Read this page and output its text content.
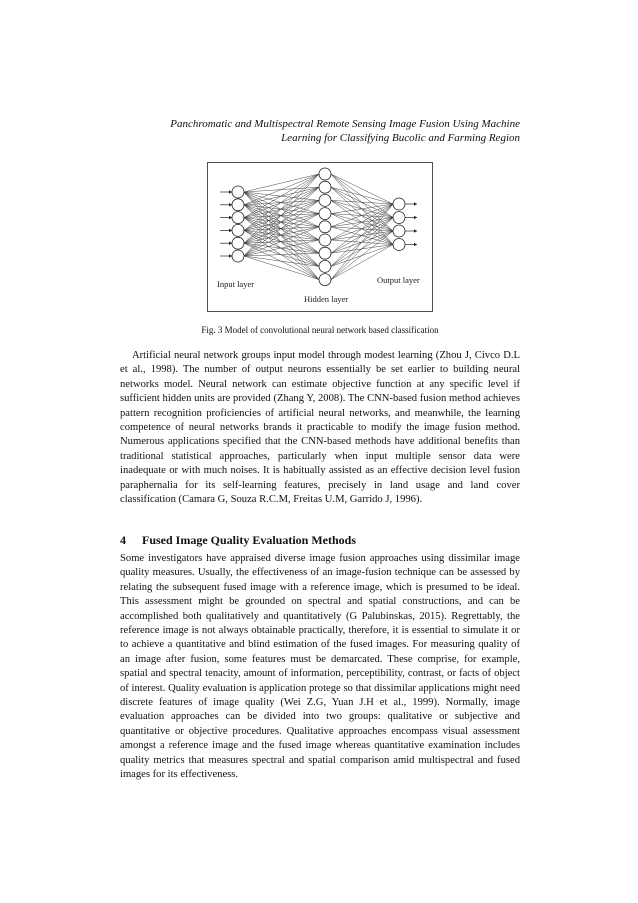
Panchromatic and Multispectral Remote Sensing Image Fusion Using Machine
Learning for Classifying Bucolic and Farming Region
Input layer
Hidden layer
Output layer
Fig. 3 Model of convolutional neural network based classification

Artificial neural network groups input model through modest learning (Zhou J, Civco D.L et al., 1998). The number of output neurons essentially be set earlier to building neural networks model. Neural network can estimate objective function at any specific level if sufficient hidden units are provided (Zhang Y, 2008). The CNN-based fusion method achieves pattern recognition proficiencies of artificial neural networks, and meanwhile, the learning competence of neural networks brands it practicable to modify the image fusion method. Numerous applications specified that the CNN-based methods have additional benefits than traditional statistical approaches, particularly when input multiple sensor data were inadequate or with much noises. It is habitually assisted as an effective decision level fusion paraphernalia for its self-learning features, precisely in land usage and land cover classification (Camara G, Souza R.C.M, Freitas U.M, Garrido J, 1996).

4 Fused Image Quality Evaluation Methods

Some investigators have appraised diverse image fusion approaches using dissimilar image quality measures. Usually, the effectiveness of an image-fusion technique can be assessed by relating the subsequent fused image with a reference image, which is presumed to be ideal. This assessment might be grounded on spectral and spatial constructions, and can be accomplished both qualitatively and quantitatively (G Palubinskas, 2015). Regrettably, the reference image is not always obtainable practically, therefore, it is essential to simulate it or to achieve a quantitative and blind estimation of the fused images. For measuring quality of an image after fusion, some features must be demarcated. These comprise, for example, spatial and spectral tenacity, amount of information, perceptibility, contrast, or facts of object of interest. Quality evaluation is application protege so that dissimilar applications might need discrete features of image quality (Wei Z.G, Yuan J.H et al., 1999). Normally, image evaluation approaches can be divided into two groups: qualitative or subjective and quantitative or objective procedures. Qualitative approaches encompass visual assessment amongst a reference image and the fused image whereas quantitative examination includes quality metrics that measures spectral and spatial comparison amid multispectral and fused images for its effectiveness.
